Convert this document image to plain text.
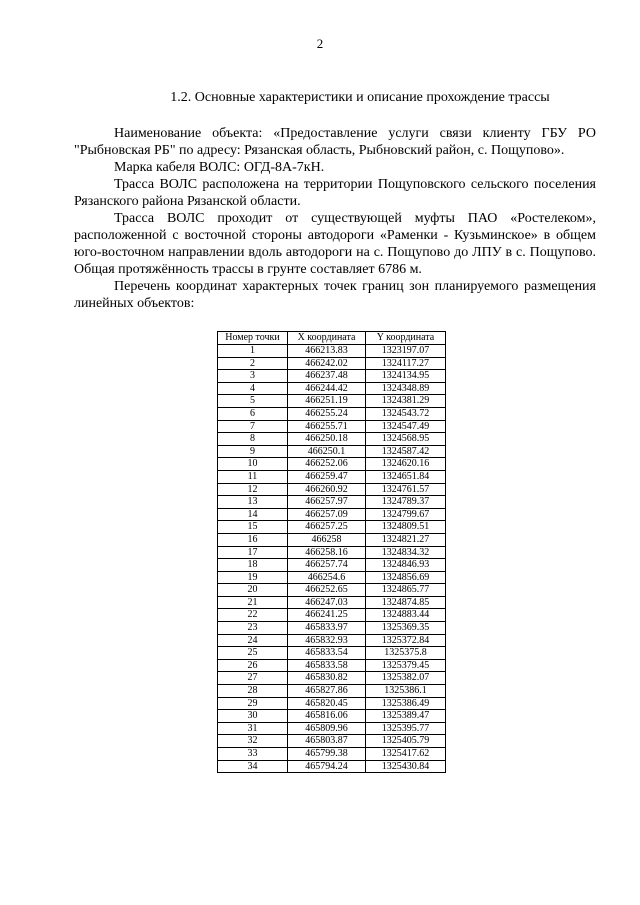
2
1.2. Основные характеристики и описание прохождение трассы

Наименование объекта: «Предоставление услуги связи клиенту ГБУ РО "Рыбновская РБ" по адресу: Рязанская область, Рыбновский район, с. Пощупово».

Марка кабеля ВОЛС: ОГД-8А-7кН.

Трасса ВОЛС расположена на территории Пощуповского сельского поселения Рязанского района Рязанской области.

Трасса ВОЛС проходит от существующей муфты ПАО «Ростелеком», расположенной с восточной стороны автодороги «Раменки - Кузьминское» в общем юго-восточном направлении вдоль автодороги на с. Пощупово до ЛПУ в с. Пощупово. Общая протяжённость трассы в грунте составляет 6786 м.

Перечень координат характерных точек границ зон планируемого размещения линейных объектов:

Номер точки	X координата	Y координата
1	466213.83	1323197.07
2	466242.02	1324117.27
3	466237.48	1324134.95
4	466244.42	1324348.89
5	466251.19	1324381.29
6	466255.24	1324543.72
7	466255.71	1324547.49
8	466250.18	1324568.95
9	466250.1	1324587.42
10	466252.06	1324620.16
11	466259.47	1324651.84
12	466260.92	1324761.57
13	466257.97	1324789.37
14	466257.09	1324799.67
15	466257.25	1324809.51
16	466258	1324821.27
17	466258.16	1324834.32
18	466257.74	1324846.93
19	466254.6	1324856.69
20	466252.65	1324865.77
21	466247.03	1324874.85
22	466241.25	1324883.44
23	465833.97	1325369.35
24	465832.93	1325372.84
25	465833.54	1325375.8
26	465833.58	1325379.45
27	465830.82	1325382.07
28	465827.86	1325386.1
29	465820.45	1325386.49
30	465816.06	1325389.47
31	465809.96	1325395.77
32	465803.87	1325405.79
33	465799.38	1325417.62
34	465794.24	1325430.84
